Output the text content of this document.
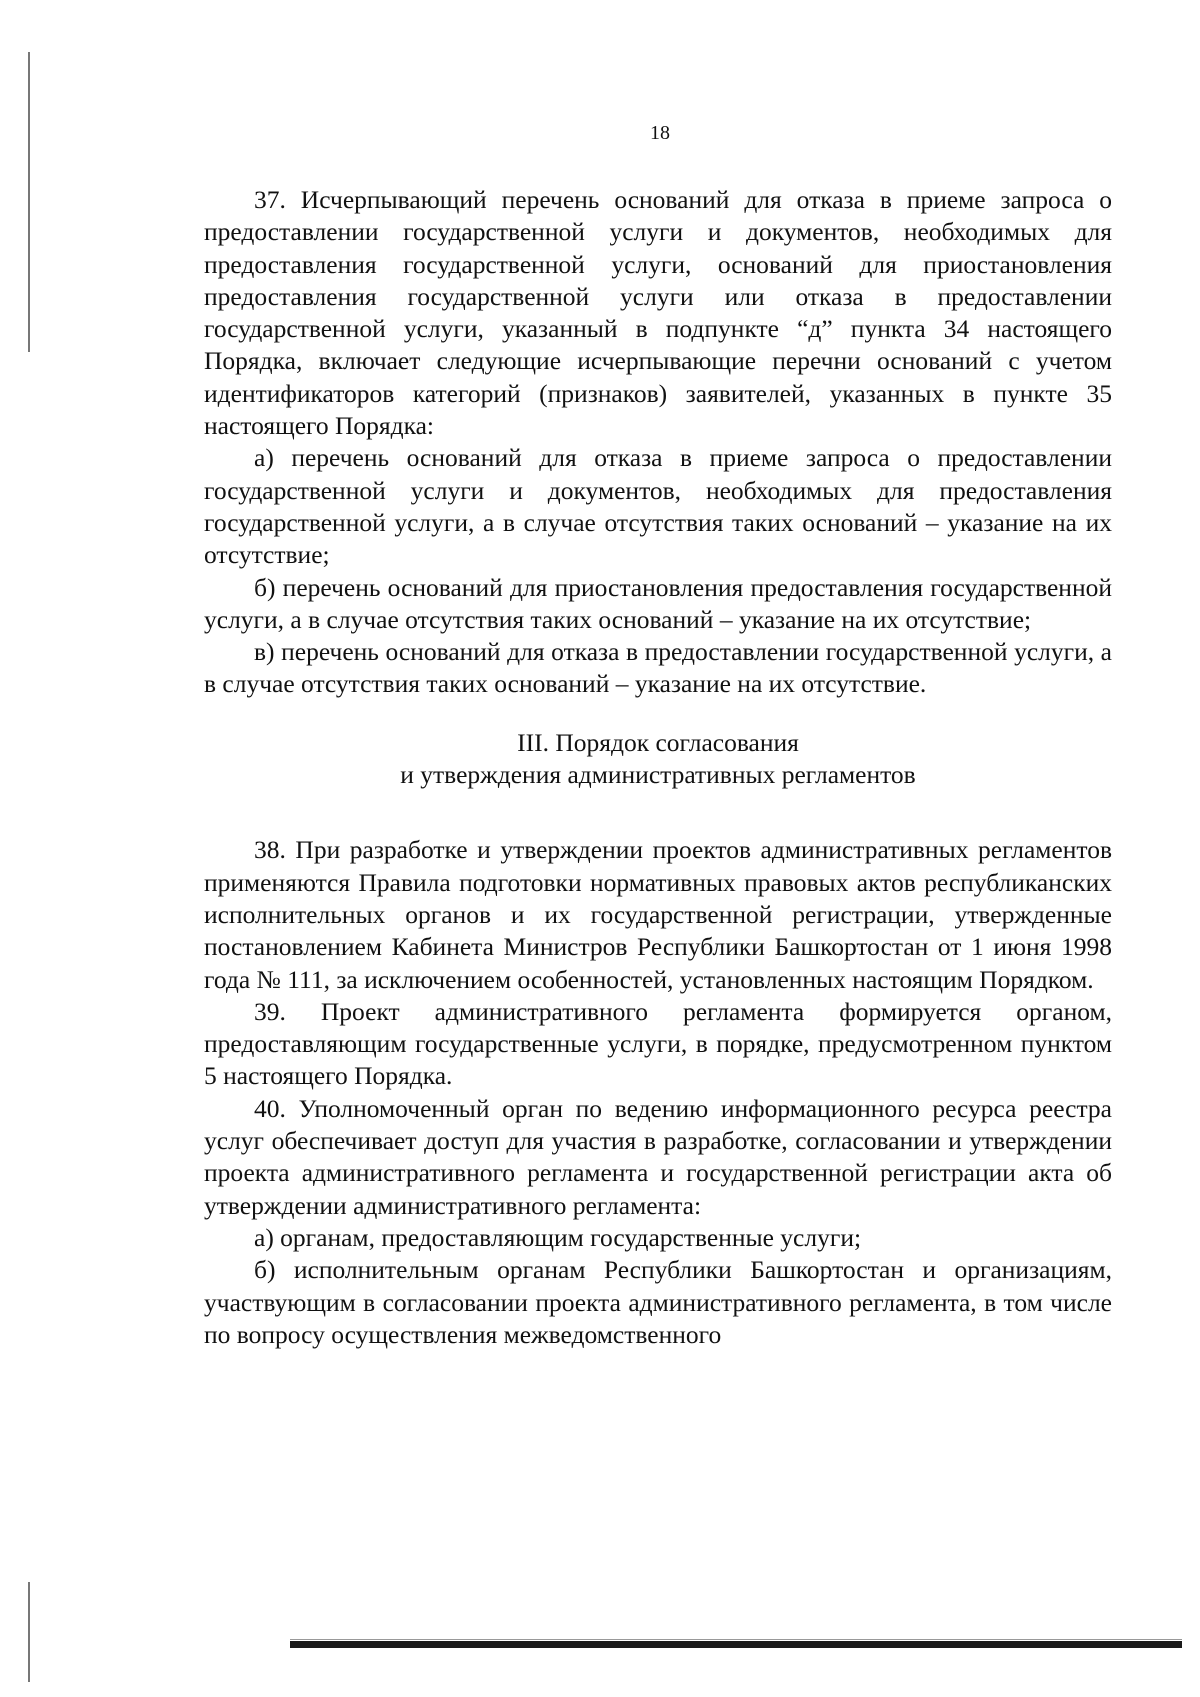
18

37. Исчерпывающий перечень оснований для отказа в приеме запроса о предоставлении государственной услуги и документов, необходимых для предоставления государственной услуги, оснований для приостановления предоставления государственной услуги или отказа в предоставлении государственной услуги, указанный в подпункте “д” пункта 34 настоящего Порядка, включает следующие исчерпывающие перечни оснований с учетом идентификаторов категорий (признаков) заявителей, указанных в пункте 35 настоящего Порядка:

а) перечень оснований для отказа в приеме запроса о предоставлении государственной услуги и документов, необходимых для предоставления государственной услуги, а в случае отсутствия таких оснований – указание на их отсутствие;

б) перечень оснований для приостановления предоставления государственной услуги, а в случае отсутствия таких оснований – указание на их отсутствие;

в) перечень оснований для отказа в предоставлении государственной услуги, а в случае отсутствия таких оснований – указание на их отсутствие.

III. Порядок согласования
и утверждения административных регламентов

38. При разработке и утверждении проектов административных регламентов применяются Правила подготовки нормативных правовых актов республиканских исполнительных органов и их государственной регистрации, утвержденные постановлением Кабинета Министров Республики Башкортостан от 1 июня 1998 года № 111, за исключением особенностей, установленных настоящим Порядком.

39. Проект административного регламента формируется органом, предоставляющим государственные услуги, в порядке, предусмотренном пунктом 5 настоящего Порядка.

40. Уполномоченный орган по ведению информационного ресурса реестра услуг обеспечивает доступ для участия в разработке, согласовании и утверждении проекта административного регламента и государственной регистрации акта об утверждении административного регламента:

а) органам, предоставляющим государственные услуги;

б) исполнительным органам Республики Башкортостан и организациям, участвующим в согласовании проекта административного регламента, в том числе по вопросу осуществления межведомственного
